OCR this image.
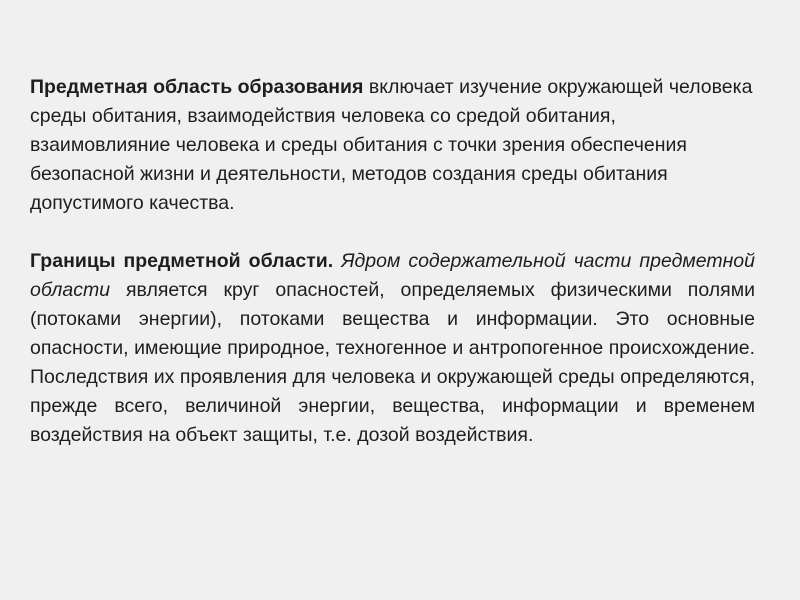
Предметная область образования включает изучение окружающей человека среды обитания, взаимодействия человека со средой обитания, взаимовлияние человека и среды обитания с точки зрения обеспечения безопасной жизни и деятельности, методов создания среды обитания допустимого качества.

Границы предметной области. Ядром содержательной части предметной области является круг опасностей, определяемых физическими полями (потоками энергии), потоками вещества и информации. Это основные опасности, имеющие природное, техногенное и антропогенное происхождение. Последствия их проявления для человека и окружающей среды определяются, прежде всего, величиной энергии, вещества, информации и временем воздействия на объект защиты, т.е. дозой воздействия.
